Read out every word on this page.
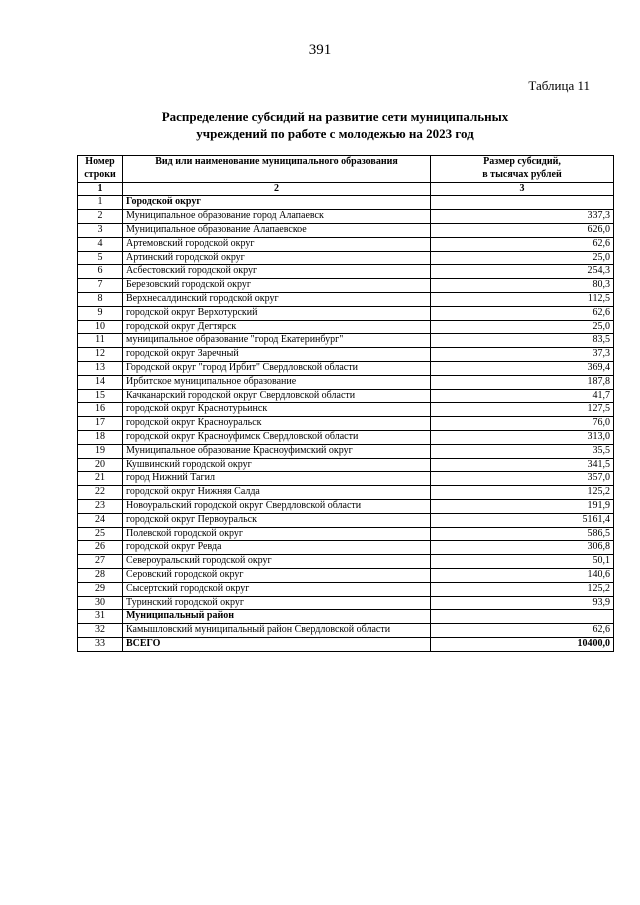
391
Таблица 11
Распределение субсидий на развитие сети муниципальных
учреждений по работе с молодежью на 2023 год
Номер
строки	Вид или наименование муниципального образования	Размер субсидий,
в тысячах рублей

1	2	3
1	Городской округ	
2	Муниципальное образование город Алапаевск	337,3
3	Муниципальное образование Алапаевское	626,0
4	Артемовский городской округ	62,6
5	Артинский городской округ	25,0
6	Асбестовский городской округ	254,3
7	Березовский городской округ	80,3
8	Верхнесалдинский городской округ	112,5
9	городской округ Верхотурский	62,6
10	городской округ Дегтярск	25,0
11	муниципальное образование "город Екатеринбург"	83,5
12	городской округ Заречный	37,3
13	Городской округ "город Ирбит" Свердловской области	369,4
14	Ирбитское муниципальное образование	187,8
15	Качканарский городской округ Свердловской области	41,7
16	городской округ Краснотурьинск	127,5
17	городской округ Красноуральск	76,0
18	городской округ Красноуфимск Свердловской области	313,0
19	Муниципальное образование Красноуфимский округ	35,5
20	Кушвинский городской округ	341,5
21	город Нижний Тагил	357,0
22	городской округ Нижняя Салда	125,2
23	Новоуральский городской округ Свердловской области	191,9
24	городской округ Первоуральск	5161,4
25	Полевской городской округ	586,5
26	городской округ Ревда	306,8
27	Североуральский городской округ	50,1
28	Серовский городской округ	140,6
29	Сысертский городской округ	125,2
30	Туринский городской округ	93,9
31	Муниципальный район	
32	Камышловский муниципальный район Свердловской области	62,6
33	ВСЕГО	10400,0
